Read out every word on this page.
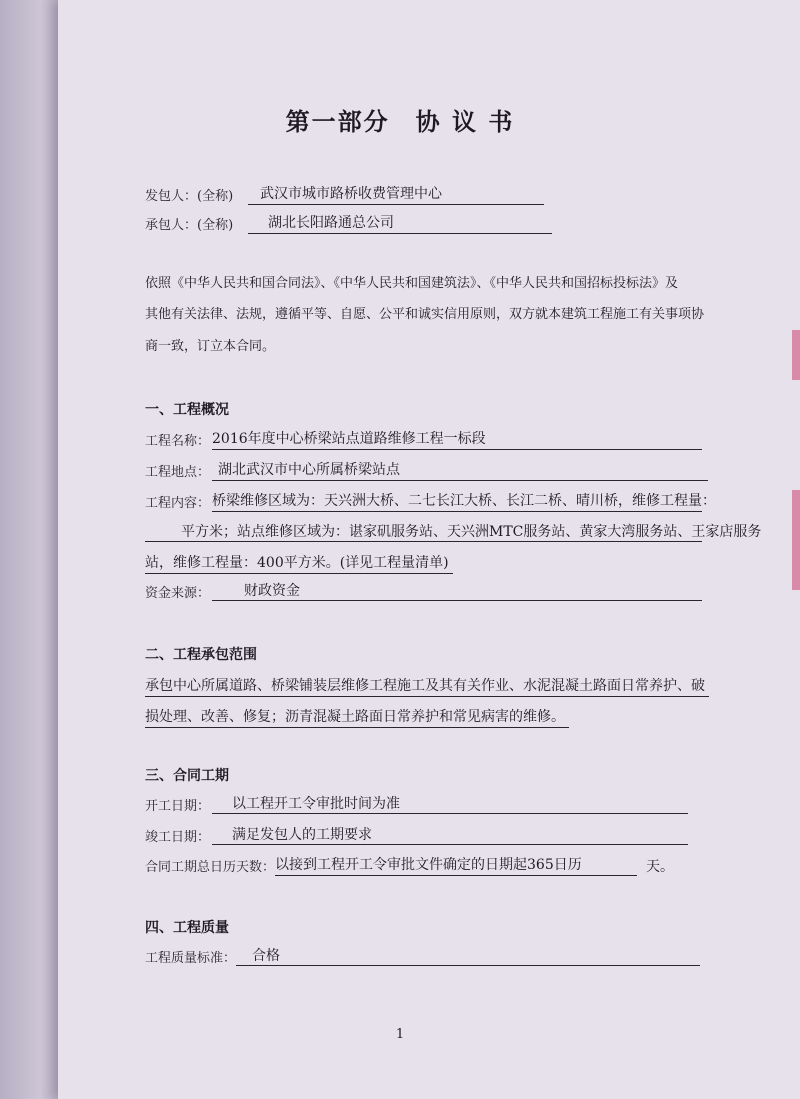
第一部分　协 议 书
发包人：(全称)	武汉市城市路桥收费管理中心
承包人：(全称)	湖北长阳路通总公司
依照《中华人民共和国合同法》、《中华人民共和国建筑法》、《中华人民共和国招标投标法》及
其他有关法律、法规，遵循平等、自愿、公平和诚实信用原则，双方就本建筑工程施工有关事项协
商一致，订立本合同。
一、工程概况
工程名称： 2016年度中心桥梁站点道路维修工程一标段
工程地点： 湖北武汉市中心所属桥梁站点
工程内容： 桥梁维修区域为：天兴洲大桥、二七长江大桥、长江二桥、晴川桥，维修工程量：
平方米；站点维修区域为：谌家矶服务站、天兴洲MTC服务站、黄家大湾服务站、王家店服务
站，维修工程量：400平方米。(详见工程量清单)
资金来源：	财政资金
二、工程承包范围
承包中心所属道路、桥梁铺装层维修工程施工及其有关作业、水泥混凝土路面日常养护、破
损处理、改善、修复；沥青混凝土路面日常养护和常见病害的维修。
三、合同工期
开工日期：	以工程开工令审批时间为准
竣工日期：	满足发包人的工期要求
合同工期总日历天数： 以接到工程开工令审批文件确定的日期起365日历	天。
四、工程质量
工程质量标准：	合格
1
